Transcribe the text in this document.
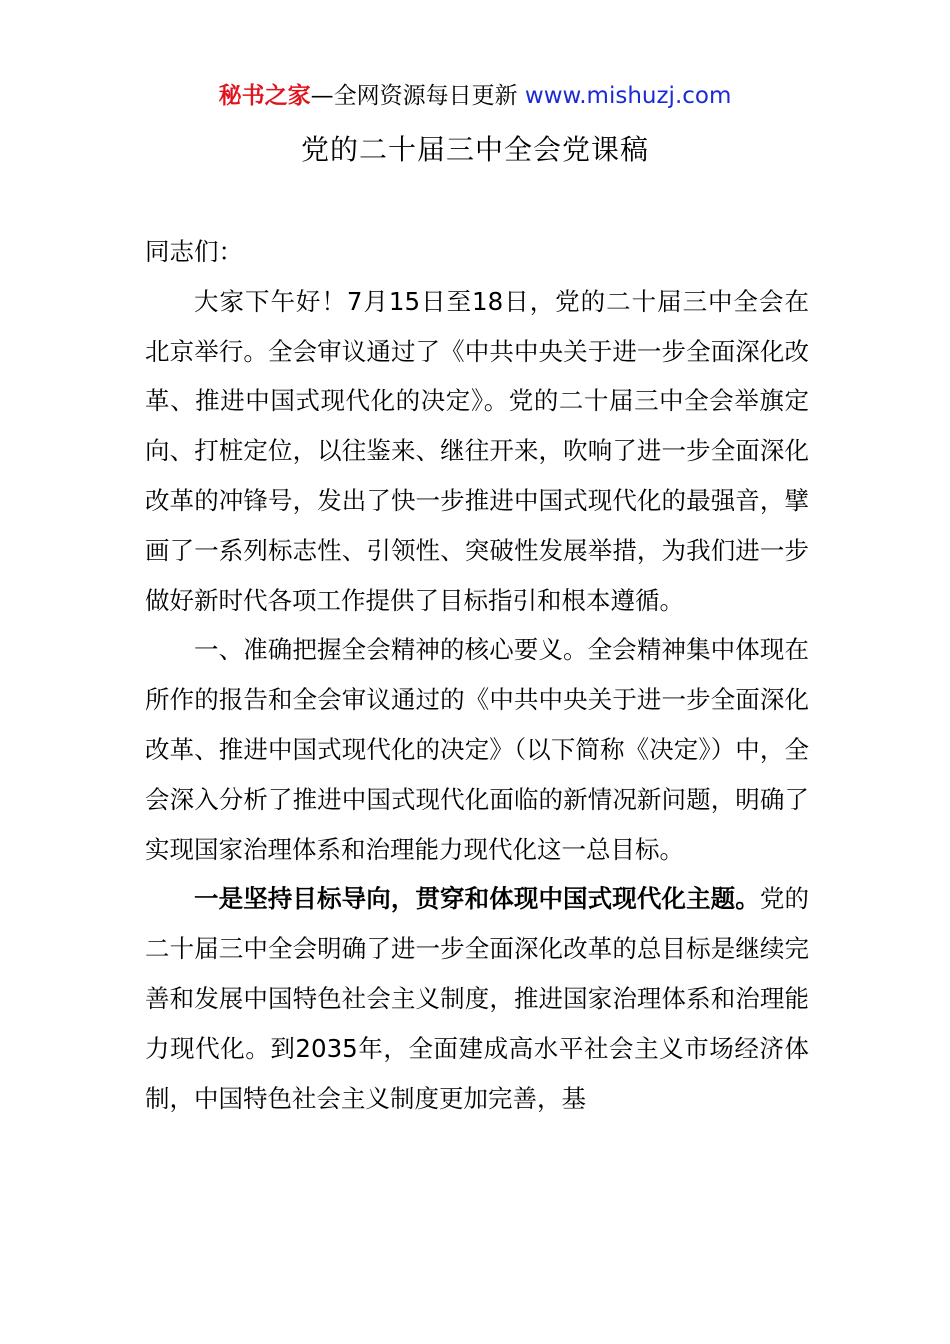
秘书之家—全网资源每日更新 www.mishuzj.com
党的二十届三中全会党课稿

同志们：

大家下午好！7月15日至18日，党的二十届三中全会在北京举行。全会审议通过了《中共中央关于进一步全面深化改革、推进中国式现代化的决定》。党的二十届三中全会举旗定向、打桩定位，以往鉴来、继往开来，吹响了进一步全面深化改革的冲锋号，发出了快一步推进中国式现代化的最强音，擘画了一系列标志性、引领性、突破性发展举措，为我们进一步做好新时代各项工作提供了目标指引和根本遵循。

一、准确把握全会精神的核心要义。全会精神集中体现在所作的报告和全会审议通过的《中共中央关于进一步全面深化改革、推进中国式现代化的决定》（以下简称《决定》）中，全会深入分析了推进中国式现代化面临的新情况新问题，明确了实现国家治理体系和治理能力现代化这一总目标。

一是坚持目标导向，贯穿和体现中国式现代化主题。党的二十届三中全会明确了进一步全面深化改革的总目标是继续完善和发展中国特色社会主义制度，推进国家治理体系和治理能力现代化。到2035年，全面建成高水平社会主义市场经济体制，中国特色社会主义制度更加完善，基
